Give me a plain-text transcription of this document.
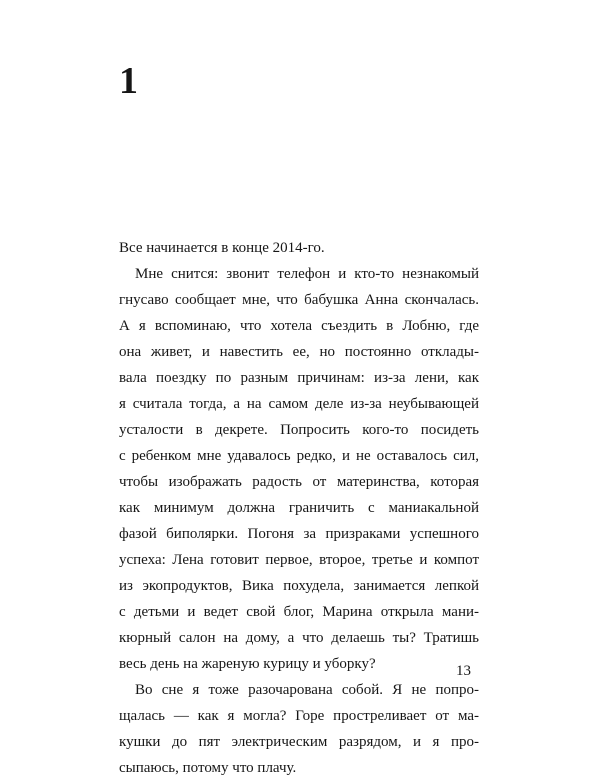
1

Все начинается в конце 2014-го.

Мне снится: звонит телефон и кто-то незнакомый
гнусаво сообщает мне, что бабушка Анна скончалась.
А я вспоминаю, что хотела съездить в Лобню, где
она живет, и навестить ее, но постоянно отклады-
вала поездку по разным причинам: из-за лени, как
я считала тогда, а на самом деле из-за неубывающей
усталости в декрете. Попросить кого-то посидеть
с ребенком мне удавалось редко, и не оставалось сил,
чтобы изображать радость от материнства, которая
как минимум должна граничить с маниакальной
фазой биполярки. Погоня за призраками успешного
успеха: Лена готовит первое, второе, третье и компот
из экопродуктов, Вика похудела, занимается лепкой
с детьми и ведет свой блог, Марина открыла мани-
кюрный салон на дому, а что делаешь ты? Тратишь
весь день на жареную курицу и уборку?

Во сне я тоже разочарована собой. Я не попро-
щалась — как я могла? Горе простреливает от ма-
кушки до пят электрическим разрядом, и я про-
сыпаюсь, потому что плачу.

13
